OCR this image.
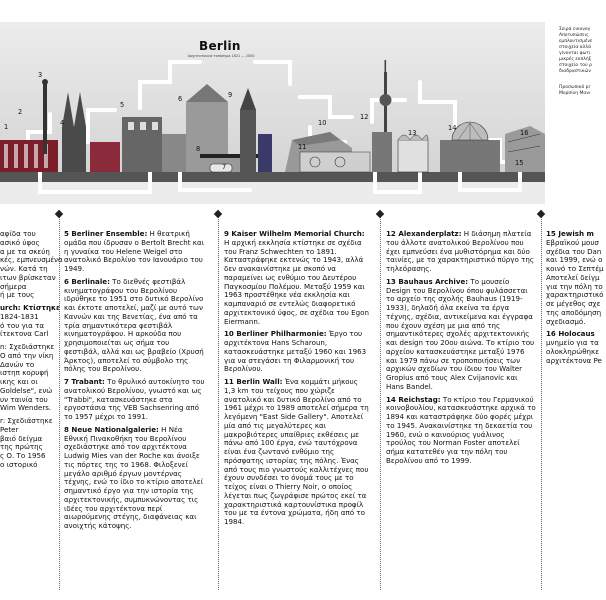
Berlin
Αρχιτεκτονικά τοπόσημα 1821 — 2000
1
2
3
4
5
6
7
8
9
10
11
12
13
14
15
16

Σειρά εικονογ

Αποτυπώσεις

εμπλουτισμένε

στοιχεία αλλά

γίνονται φωτι

μικρές εκπλήξ

στοιχείο του ρ

διαδραστικών

Προσωπικό pr

Μυρσίνη Μανι

αφίδα του
ασικό ύφος
α με τα σκεύη
κές, εμπνευσμένα
νών. Κατά τη
ιτων βρίσκεταν
σήμερα
ή με τους
urch: Κτίστηκε
1824-1831
ό του για τα
ίτεκτονα Carl
n: Σχεδιάστηκε
Ο από την νίκη
Δανών το
ιστηπ κορυφή
ικης και οι
Goldelse", ενώ
υν ταινία του
Wim Wenders.
r: Σχεδιάστηκε
Peter
βαιό δείγμα
της πρώτης
ς Ο. Το 1956
ο ιστορικό

5 Berliner Ensemble: Η θεατρική ομάδα που ίδρυσαν ο Bertolt Brecht και η γυναίκα του Helene Weigel στο ανατολικό Βερολίνο τον Ιανουάριο του 1949.

6 Berlinale: Το διεθνές φεστιβάλ κινηματογράφου του Βερολίνου ιδρύθηκε το 1951 στο δυτικό Βερολίνο και έκτοτε αποτελεί, μαζί με αυτό των Καννών και της Βενετίας, ένα από τα τρία σημαντικότερα φεστιβάλ κινηματογράφου. Η αρκούδα που χρησιμοποιείται ως σήμα του φεστιβάλ, αλλά και ως βραβείο (Χρυσή Άρκτος), αποτελεί το σύμβολο της πόλης του Βερολίνου.

7 Trabant: Το θρυλικό αυτοκίνητο του ανατολικού Βερολίνου, γνωστό και ως "Trabbi", κατασκευάστηκε στα εργοστάσια της VEB Sachsenring από το 1957 μέχρι το 1991.

8 Neue Nationalgalerie: Η Νέα Εθνική Πινακοθήκη του Βερολίνου σχεδιάστηκε από τον αρχιτέκτονα Ludwig Mies van der Roche και άνοιξε τις πόρτες της το 1968. Φιλοξενεί μεγάλο αριθμό έργων μοντέρνας τέχνης, ενώ το ίδιο το κτίριο αποτελεί σημαντικό έργο για την ιστορία της αρχιτεκτονικής, συμπυκνώνοντας τις ιδέες του αρχιτέκτονα περί αιωρούμενης στέγης, διαφάνειας και ανοιχτής κάτοψης.

9 Kaiser Wilhelm Memorial Church: Η αρχική εκκλησία κτίστηκε σε σχέδια του Franz Schwechten το 1891. Καταστράφηκε εκτενώς το 1943, αλλά δεν ανακαινίστηκε με σκοπό να παραμείνει ως ενθύμιο του Δευτέρου Παγκοσμίου Πολέμου. Μεταξύ 1959 και 1963 προστέθηκε νέα εκκλησία και καμπαναριό σε εντελώς διαφορετικό αρχιτεκτονικό ύφος, σε σχέδια του Egon Eiermann.

10 Berliner Philharmonie: Έργο του αρχιτέκτονα Hans Scharoun, κατασκευάστηκε μεταξύ 1960 και 1963 για να στεγάσει τη Φιλαρμονική του Βερολίνου.

11 Berlin Wall: Ένα κομμάτι μήκους 1,3 km του τείχους που χώριζε ανατολικό και δυτικό Βερολίνο από το 1961 μέχρι το 1989 αποτελεί σήμερα τη λεγόμενη "East Side Gallery". Αποτελεί μία από τις μεγαλύτερες και μακροβιότερες υπαίθριες εκθέσεις με πάνω από 100 έργα, ενώ ταυτόχρονα είναι ένα ζωντανό ενθύμιο της πρόσφατης ιστορίας της πόλης. Ένας από τους πιο γνωστούς καλλιτέχνες που έχουν συνδέσει το όνομά τους με το τείχος είναι ο Thierry Noir, ο οποίος λέγεται πως ζωγράφισε πρώτος εκεί τα χαρακτηριστικά καρτουνίστικα προφίλ του με τα έντονα χρώματα, ήδη από το 1984.

12 Alexanderplatz: Η διάσημη πλατεία του άλλοτε ανατολικού Βερολίνου που έχει εμπνεύσει ένα μυθιστόρημα και δύο ταινίες, με το χαρακτηριστικό πύργο της τηλεόρασης.

13 Bauhaus Archive: Το μουσείο Design του Βερολίνου όπου φυλάσσεται το αρχείο της σχολής Bauhaus (1919-1933), δηλαδή όλα εκείνα τα έργα τέχνης, σχέδια, αντικείμενα και έγγραφα που έχουν σχέση με μια από της σημαντικότερες σχολές αρχιτεκτονικής και design του 20ου αιώνα. Το κτίριο του αρχείου κατασκευάστηκε μεταξύ 1976 και 1979 πάνω σε τροποποιήσεις των αρχικών σχεδίων του ίδιου του Walter Gropius από τους Alex Cvijanovic και Hans Bandel.

14 Reichstag: Το κτίριο του Γερμανικού κοινοβουλίου, κατασκευάστηκε αρχικά το 1894 και καταστράφηκε δύο φορές μέχρι το 1945. Ανακαινίστηκε τη δεκαετία του 1960, ενώ ο καινούριος γυάλινος τρούλος του Norman Foster αποτελεί σήμα κατατεθέν για την πόλη του Βερολίνου από το 1999.

15 Jewish m
Εβραϊκού μουσ
σχέδια του Dan
και 1999, ενώ ο
κοινό το Σεπτέμ
Αποτελεί δείγμ
για την πόλη το
χαρακτηριστικό
σε μέγεθος σχε
της αποδόμηση
σχεδιασμό.
16 Holocaus
μνημείο για τα
ολοκληρώθηκε
αρχιτέκτονα Pe
